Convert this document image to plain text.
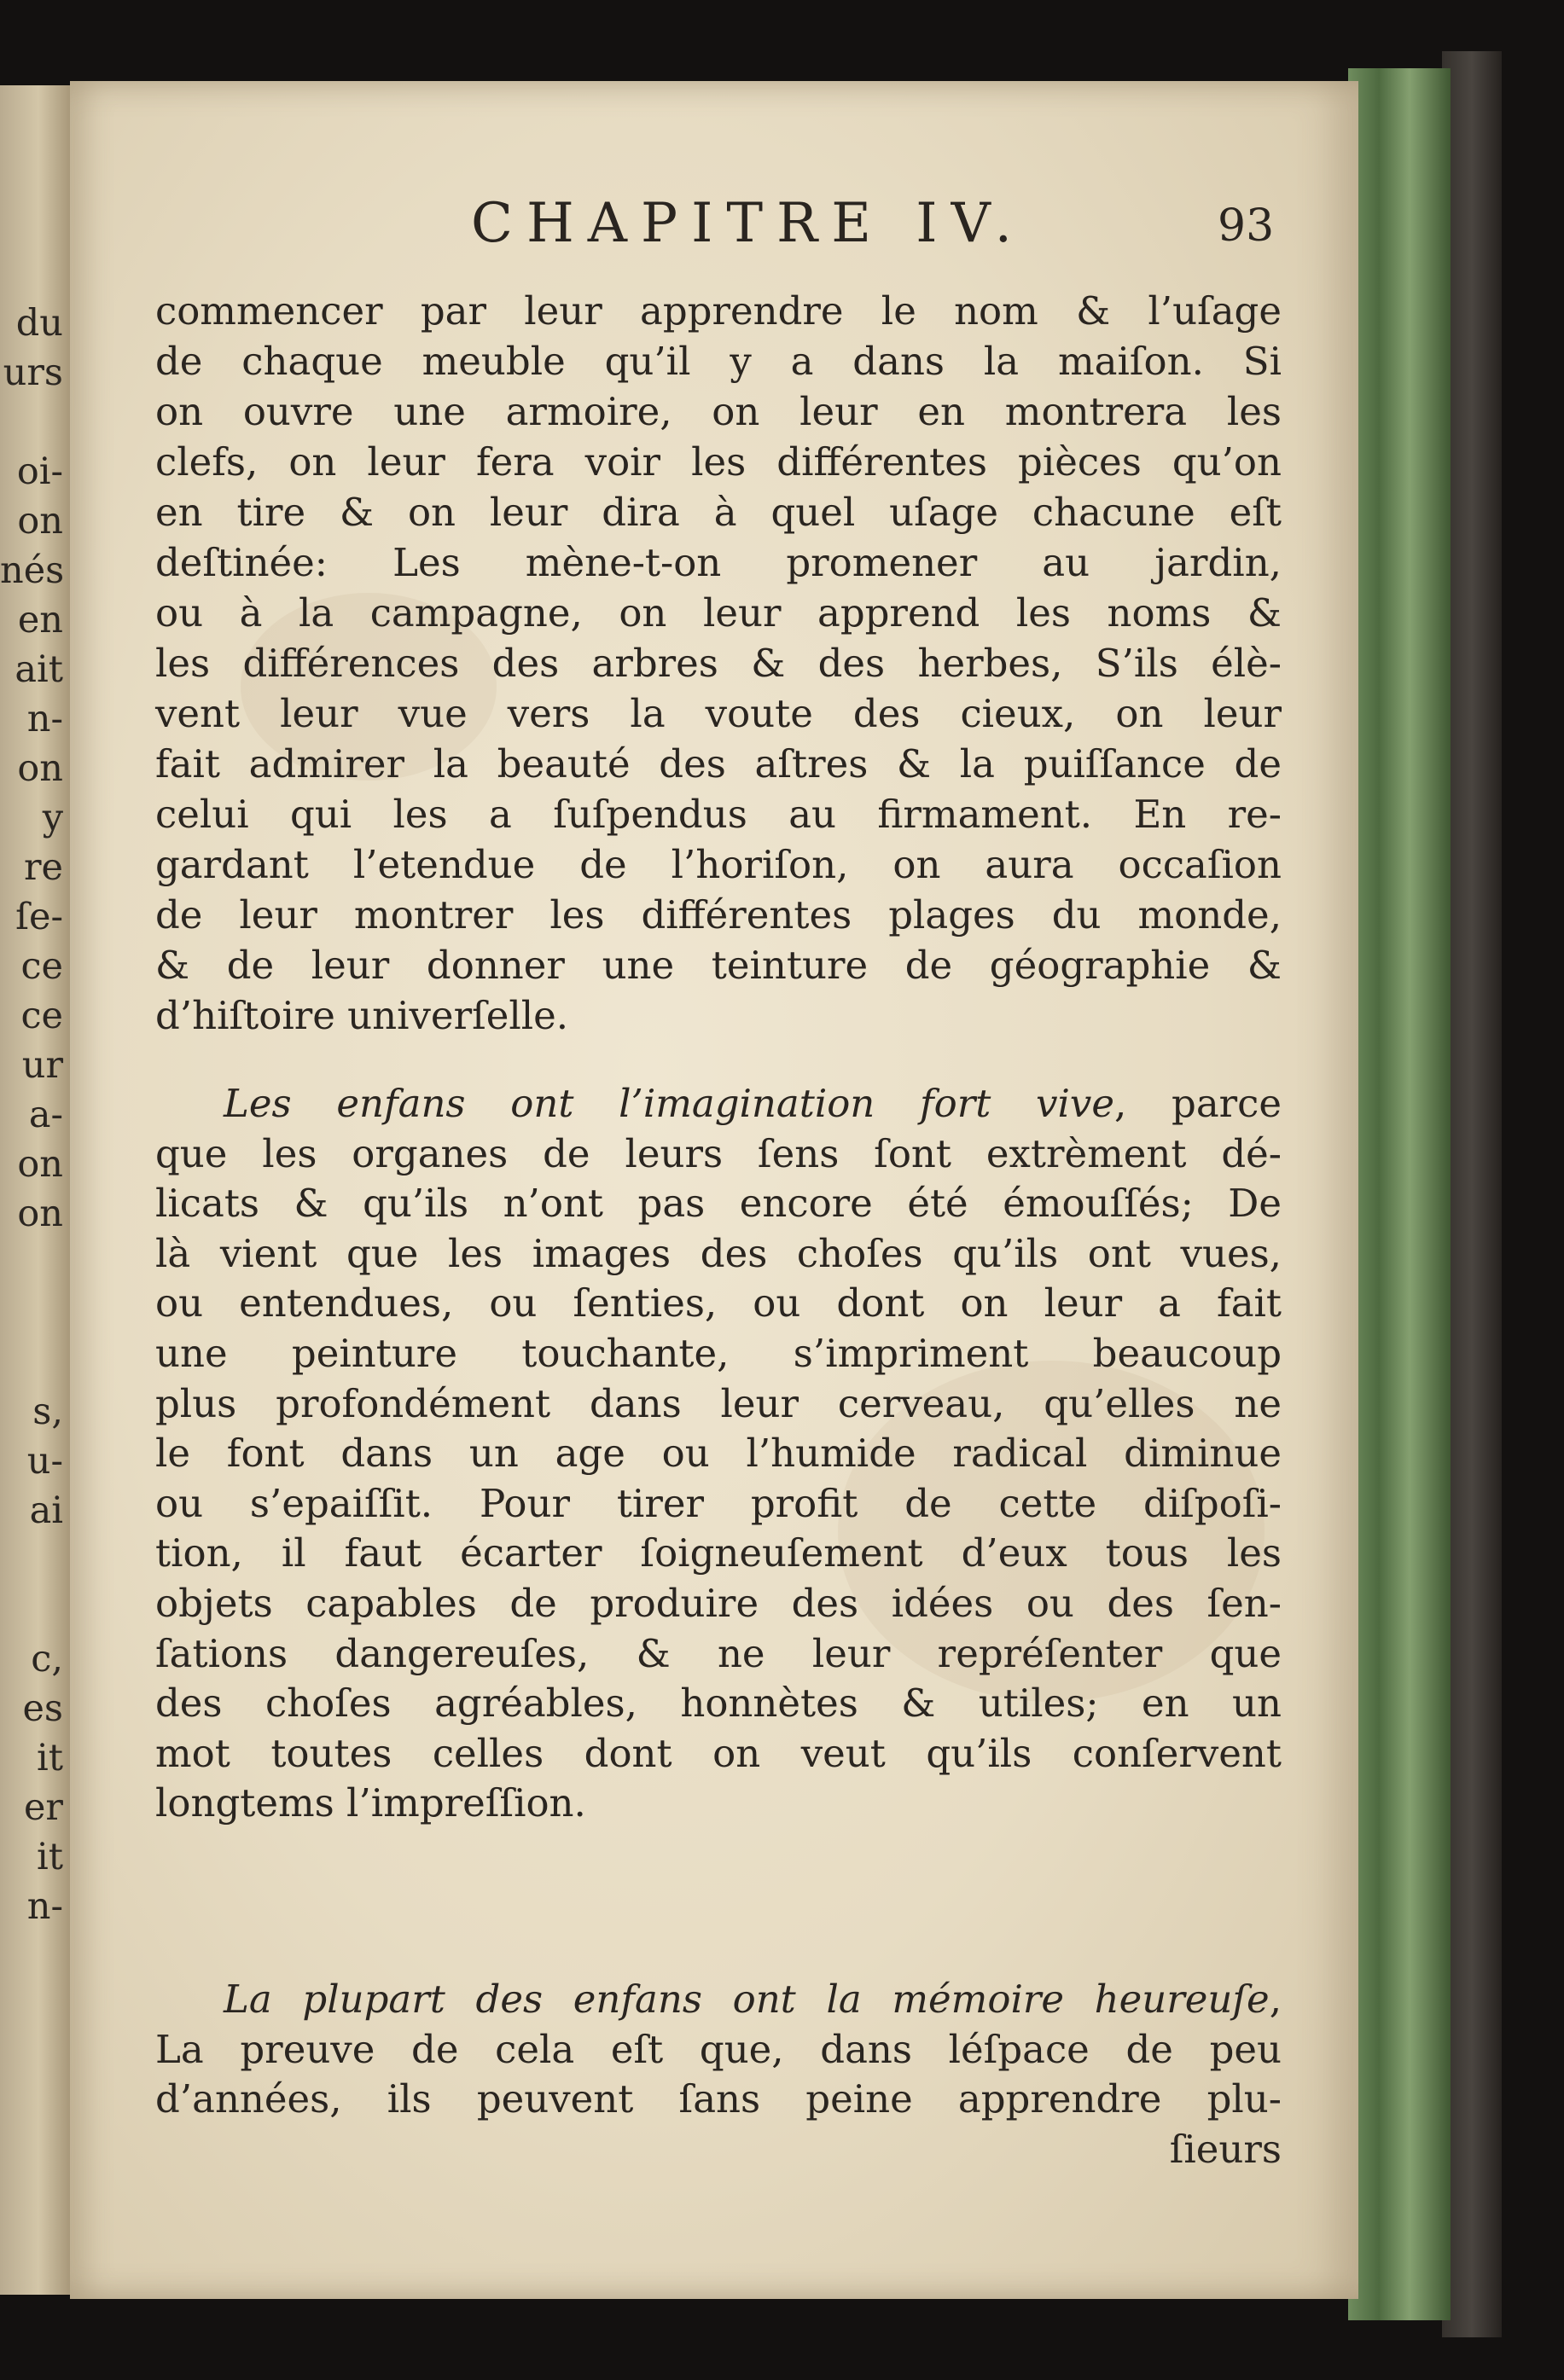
du
urs
oi-
on
nés
en
ait
n-
on
y
re
ſe-
ce
ce
ur
a-
on
on
s,
u-
ai
c,
es
it
er
it
n-
CHAPITRE IV.	93
commencer par leur apprendre le nom & l’uſage
de chaque meuble qu’il y a dans la maiſon. Si
on ouvre une armoire, on leur en montrera les
clefs, on leur fera voir les différentes pièces qu’on
en tire & on leur dira à quel uſage chacune eſt
deſtinée: Les mène-t-on promener au jardin,
ou à la campagne, on leur apprend les noms &
les différences des arbres & des herbes, S’ils élè-
vent leur vue vers la voute des cieux, on leur
fait admirer la beauté des aſtres & la puiſſance de
celui qui les a ſuſpendus au firmament. En re-
gardant l’etendue de l’horiſon, on aura occaſion
de leur montrer les différentes plages du monde,
& de leur donner une teinture de géographie &
d’hiſtoire univerſelle.
Les enfans ont l’imagination fort vive, parce
que les organes de leurs ſens ſont extrèment dé-
licats & qu’ils n’ont pas encore été émouſſés; De
là vient que les images des choſes qu’ils ont vues,
ou entendues, ou ſenties, ou dont on leur a fait
une peinture touchante, s’impriment beaucoup
plus profondément dans leur cerveau, qu’elles ne
le font dans un age ou l’humide radical diminue
ou s’epaiſſit. Pour tirer profit de cette diſpoſi-
tion, il faut écarter ſoigneuſement d’eux tous les
objets capables de produire des idées ou des ſen-
ſations dangereuſes, & ne leur repréſenter que
des choſes agréables, honnètes & utiles; en un
mot toutes celles dont on veut qu’ils conſervent
longtems l’impreſſion.
La plupart des enfans ont la mémoire heureuſe,
La preuve de cela eſt que, dans léſpace de peu
d’années, ils peuvent ſans peine apprendre plu-
ſieurs
